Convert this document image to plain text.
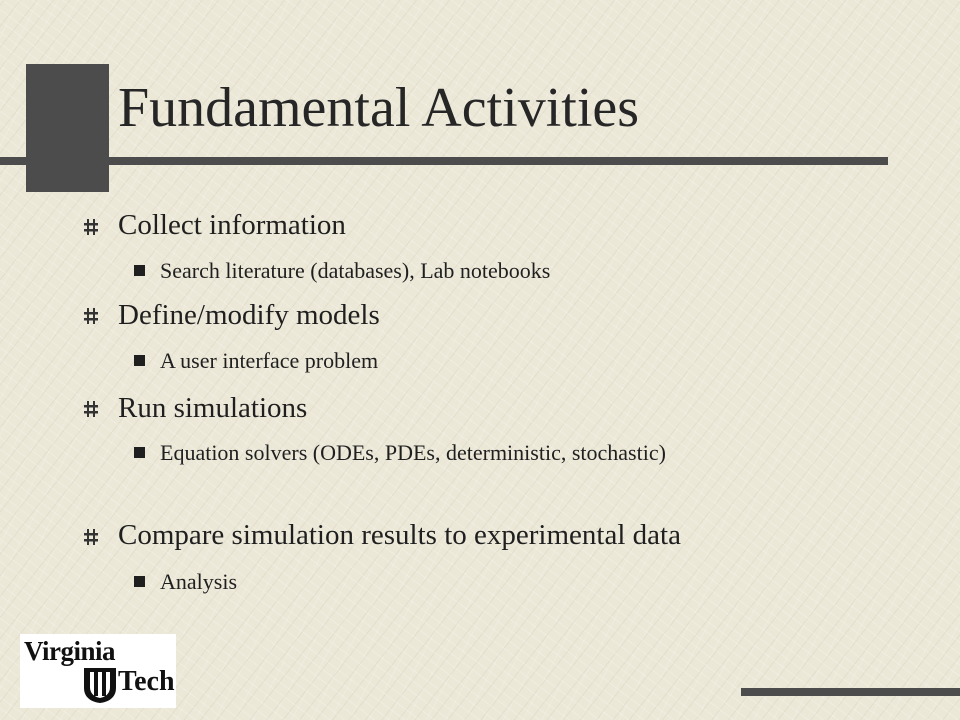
Fundamental Activities
Collect information
Search literature (databases), Lab notebooks
Define/modify models
A user interface problem
Run simulations
Equation solvers (ODEs, PDEs, deterministic, stochastic)
Compare simulation results to experimental data
Analysis
Virginia
Tech
